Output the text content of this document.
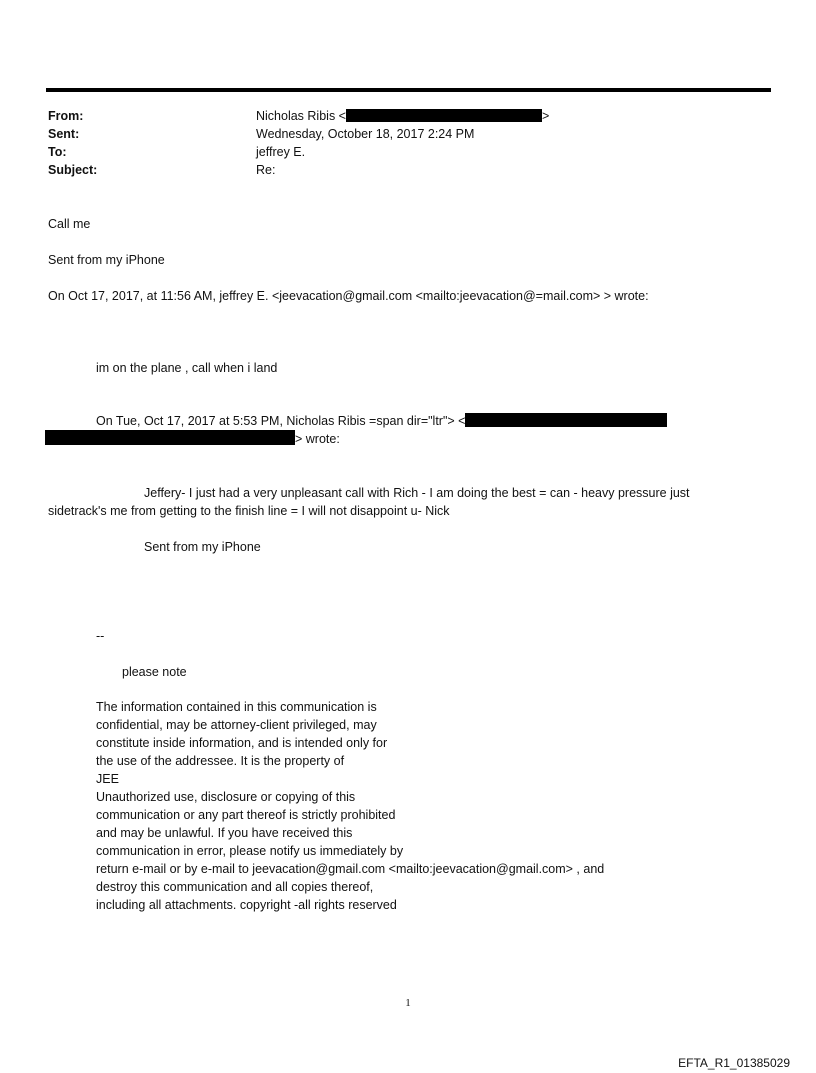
From:	Nicholas Ribis <	>
Sent:	Wednesday, October 18, 2017 2:24 PM
To:	jeffrey E.
Subject:	Re:
Call me
Sent from my iPhone
On Oct 17, 2017, at 11:56 AM, jeffrey E. <jeevacation@gmail.com <mailto:jeevacation@=mail.com> > wrote:
im on the plane , call when i land
On Tue, Oct 17, 2017 at 5:53 PM, Nicholas Ribis =span dir="ltr"> <
> wrote:
Jeffery- I just had a very unpleasant call with Rich - I am doing the best = can - heavy pressure just
sidetrack's me from getting to the finish line = I will not disappoint u- Nick
Sent from my iPhone
--
please note
The information contained in this communication is
confidential, may be attorney-client privileged, may
constitute inside information, and is intended only for
the use of the addressee. It is the property of
JEE
Unauthorized use, disclosure or copying of this
communication or any part thereof is strictly prohibited
and may be unlawful. If you have received this
communication in error, please notify us immediately by
return e-mail or by e-mail to jeevacation@gmail.com <mailto:jeevacation@gmail.com> , and
destroy this communication and all copies thereof,
including all attachments. copyright -all rights reserved
1
EFTA_R1_01385029
